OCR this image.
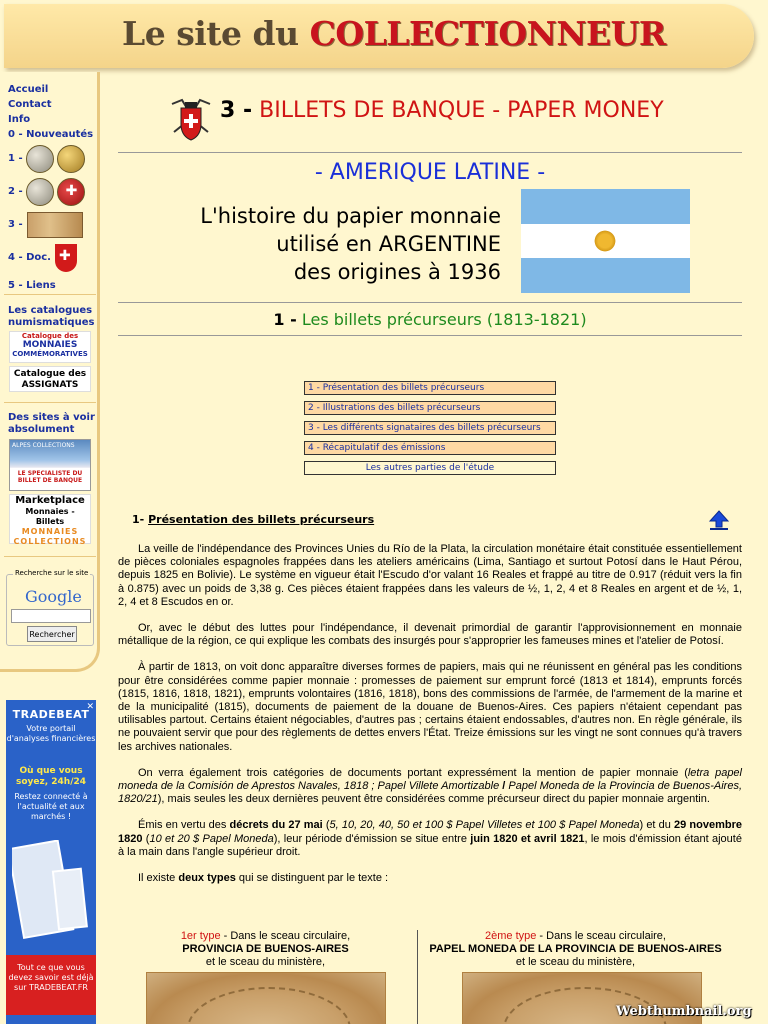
Le site du COLLECTIONNEUR
Accueil
Contact
Info
0 - Nouveautés
1 -
2 -
✚
3 -
4 - Doc.
✚
5 - Liens
Les catalogues numismatiques
Catalogue des
MONNAIES
COMMÉMORATIVES
Catalogue des
ASSIGNATS
Des sites à voir absolument
ALPES COLLECTIONS
LE SPECIALISTE DU BILLET DE BANQUE
Marketplace
Monnaies - Billets
MONNAIES
COLLECTIONS
Recherche sur le site
Google
Rechercher
✕
TRADEBEAT
Votre portail d'analyses financières
Où que vous soyez, 24h/24
Restez connecté à l'actualité et aux marchés !
Tout ce que vous devez savoir est déjà sur TRADEBEAT.FR
3 - BILLETS DE BANQUE - PAPER MONEY
- AMERIQUE LATINE -
L'histoire du papier monnaie
utilisé en ARGENTINE
des origines à 1936
1 - Les billets précurseurs (1813-1821)
1 - Présentation des billets précurseurs
2 - Illustrations des billets précurseurs
3 - Les différents signataires des billets précurseurs
4 - Récapitulatif des émissions
Les autres parties de l'étude
1- Présentation des billets précurseurs

La veille de l'indépendance des Provinces Unies du Río de la Plata, la circulation monétaire était constituée essentiellement de pièces coloniales espagnoles frappées dans les ateliers américains (Lima, Santiago et surtout Potosí dans le Haut Pérou, depuis 1825 en Bolivie). Le système en vigueur était l'Escudo d'or valant 16 Reales et frappé au titre de 0.917 (réduit vers la fin à 0.875) avec un poids de 3,38 g. Ces pièces étaient frappées dans les valeurs de ½, 1, 2, 4 et 8 Reales en argent et de ½, 1, 2, 4 et 8 Escudos en or.

Or, avec le début des luttes pour l'indépendance, il devenait primordial de garantir l'approvisionnement en monnaie métallique de la région, ce qui explique les combats des insurgés pour s'approprier les fameuses mines et l'atelier de Potosí.

À partir de 1813, on voit donc apparaître diverses formes de papiers, mais qui ne réunissent en général pas les conditions pour être considérées comme papier monnaie : promesses de paiement sur emprunt forcé (1813 et 1814), emprunts forcés (1815, 1816, 1818, 1821), emprunts volontaires (1816, 1818), bons des commissions de l'armée, de l'armement de la marine et de la municipalité (1815), documents de paiement de la douane de Buenos-Aires. Ces papiers n'étaient cependant pas utilisables partout. Certains étaient négociables, d'autres pas ; certains étaient endossables, d'autres non. En règle générale, ils ne pouvaient servir que pour des règlements de dettes envers l'État. Treize émissions sur les vingt ne sont connues qu'à travers les archives nationales.

On verra également trois catégories de documents portant expressément la mention de papier monnaie (letra papel moneda de la Comisión de Aprestos Navales, 1818 ; Papel Villete Amortizable / Papel Moneda de la Provincia de Buenos-Aires, 1820/21), mais seules les deux dernières peuvent être considérées comme précurseur direct du papier monnaie argentin.

Émis en vertu des décrets du 27 mai (5, 10, 20, 40, 50 et 100 $ Papel Villetes et 100 $ Papel Moneda) et du 29 novembre 1820 (10 et 20 $ Papel Moneda), leur période d'émission se situe entre juin 1820 et avril 1821, le mois d'émission étant ajouté à la main dans l'angle supérieur droit.

Il existe deux types qui se distinguent par le texte :

1er type - Dans le sceau circulaire,
PROVINCIA DE BUENOS-AIRES
et le sceau du ministère,
2ème type - Dans le sceau circulaire,
PAPEL MONEDA DE LA PROVINCIA DE BUENOS-AIRES et le sceau du ministère,
Webthumbnail.org
